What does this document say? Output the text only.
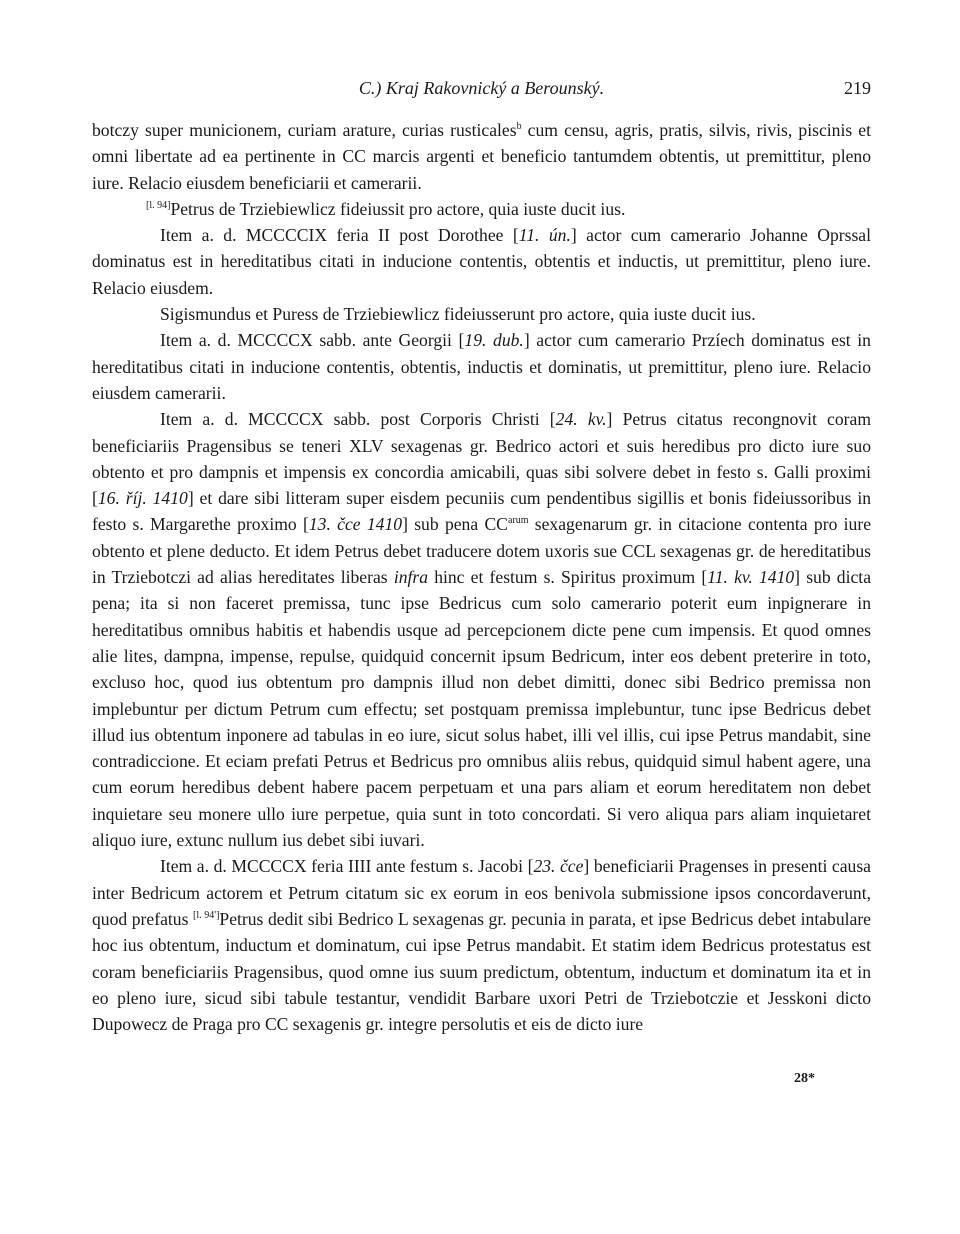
C.) Kraj Rakovnický a Berounský.	219

botczy super municionem, curiam arature, curias rusticales$^b$ cum censu, agris, pratis, silvis, rivis, piscinis et omni libertate ad ea pertinente in CC marcis argenti et beneficio tantumdem obtentis, ut premittitur, pleno iure. Relacio eiusdem beneficiarii et camerarii.

[l. 94]Petrus de Trziebiewlicz fideiussit pro actore, quia iuste ducit ius.

Item a. d. MCCCCIX feria II post Dorothee [11. ún.] actor cum camerario Johanne Oprssal dominatus est in hereditatibus citati in inducione contentis, obtentis et inductis, ut premittitur, pleno iure. Relacio eiusdem.

Sigismundus et Puress de Trziebiewlicz fideiusserunt pro actore, quia iuste ducit ius.

Item a. d. MCCCCX sabb. ante Georgii [19. dub.] actor cum camerario Przíech dominatus est in hereditatibus citati in inducione contentis, obtentis, inductis et dominatis, ut premittitur, pleno iure. Relacio eiusdem camerarii.

Item a. d. MCCCCX sabb. post Corporis Christi [24. kv.] Petrus citatus recongnovit coram beneficiariis Pragensibus se teneri XLV sexagenas gr. Bedrico actori et suis heredibus pro dicto iure suo obtento et pro dampnis et impensis ex concordia amicabili, quas sibi solvere debet in festo s. Galli proximi [16. říj. 1410] et dare sibi litteram super eisdem pecuniis cum pendentibus sigillis et bonis fideiussoribus in festo s. Margarethe proximo [13. čce 1410] sub pena $CC^{arum}$ sexagenarum gr. in citacione contenta pro iure obtento et plene deducto. Et idem Petrus debet traducere dotem uxoris sue CCL sexagenas gr. de hereditatibus in Trziebotczi ad alias hereditates liberas infra hinc et festum s. Spiritus proximum [11. kv. 1410] sub dicta pena; ita si non faceret premissa, tunc ipse Bedricus cum solo camerario poterit eum inpignerare in hereditatibus omnibus habitis et habendis usque ad percepcionem dicte pene cum impensis. Et quod omnes alie lites, dampna, impense, repulse, quidquid concernit ipsum Bedricum, inter eos debent preterire in toto, excluso hoc, quod ius obtentum pro dampnis illud non debet dimitti, donec sibi Bedrico premissa non implebuntur per dictum Petrum cum effectu; set postquam premissa implebuntur, tunc ipse Bedricus debet illud ius obtentum inponere ad tabulas in eo iure, sicut solus habet, illi vel illis, cui ipse Petrus mandabit, sine contradiccione. Et eciam prefati Petrus et Bedricus pro omnibus aliis rebus, quidquid simul habent agere, una cum eorum heredibus debent habere pacem perpetuam et una pars aliam et eorum hereditatem non debet inquietare seu monere ullo iure perpetue, quia sunt in toto concordati. Si vero aliqua pars aliam inquietaret aliquo iure, extunc nullum ius debet sibi iuvari.

Item a. d. MCCCCX feria IIII ante festum s. Jacobi [23. čce] beneficiarii Pragenses in presenti causa inter Bedricum actorem et Petrum citatum sic ex eorum in eos benivola submissione ipsos concordaverunt, quod prefatus [l. 94']Petrus dedit sibi Bedrico L sexagenas gr. pecunia in parata, et ipse Bedricus debet intabulare hoc ius obtentum, inductum et dominatum, cui ipse Petrus mandabit. Et statim idem Bedricus protestatus est coram beneficiariis Pragensibus, quod omne ius suum predictum, obtentum, inductum et dominatum ita et in eo pleno iure, sicud sibi tabule testantur, vendidit Barbare uxori Petri de Trziebotczie et Jesskoni dicto Dupowecz de Praga pro CC sexagenis gr. integre persolutis et eis de dicto iure

28*
